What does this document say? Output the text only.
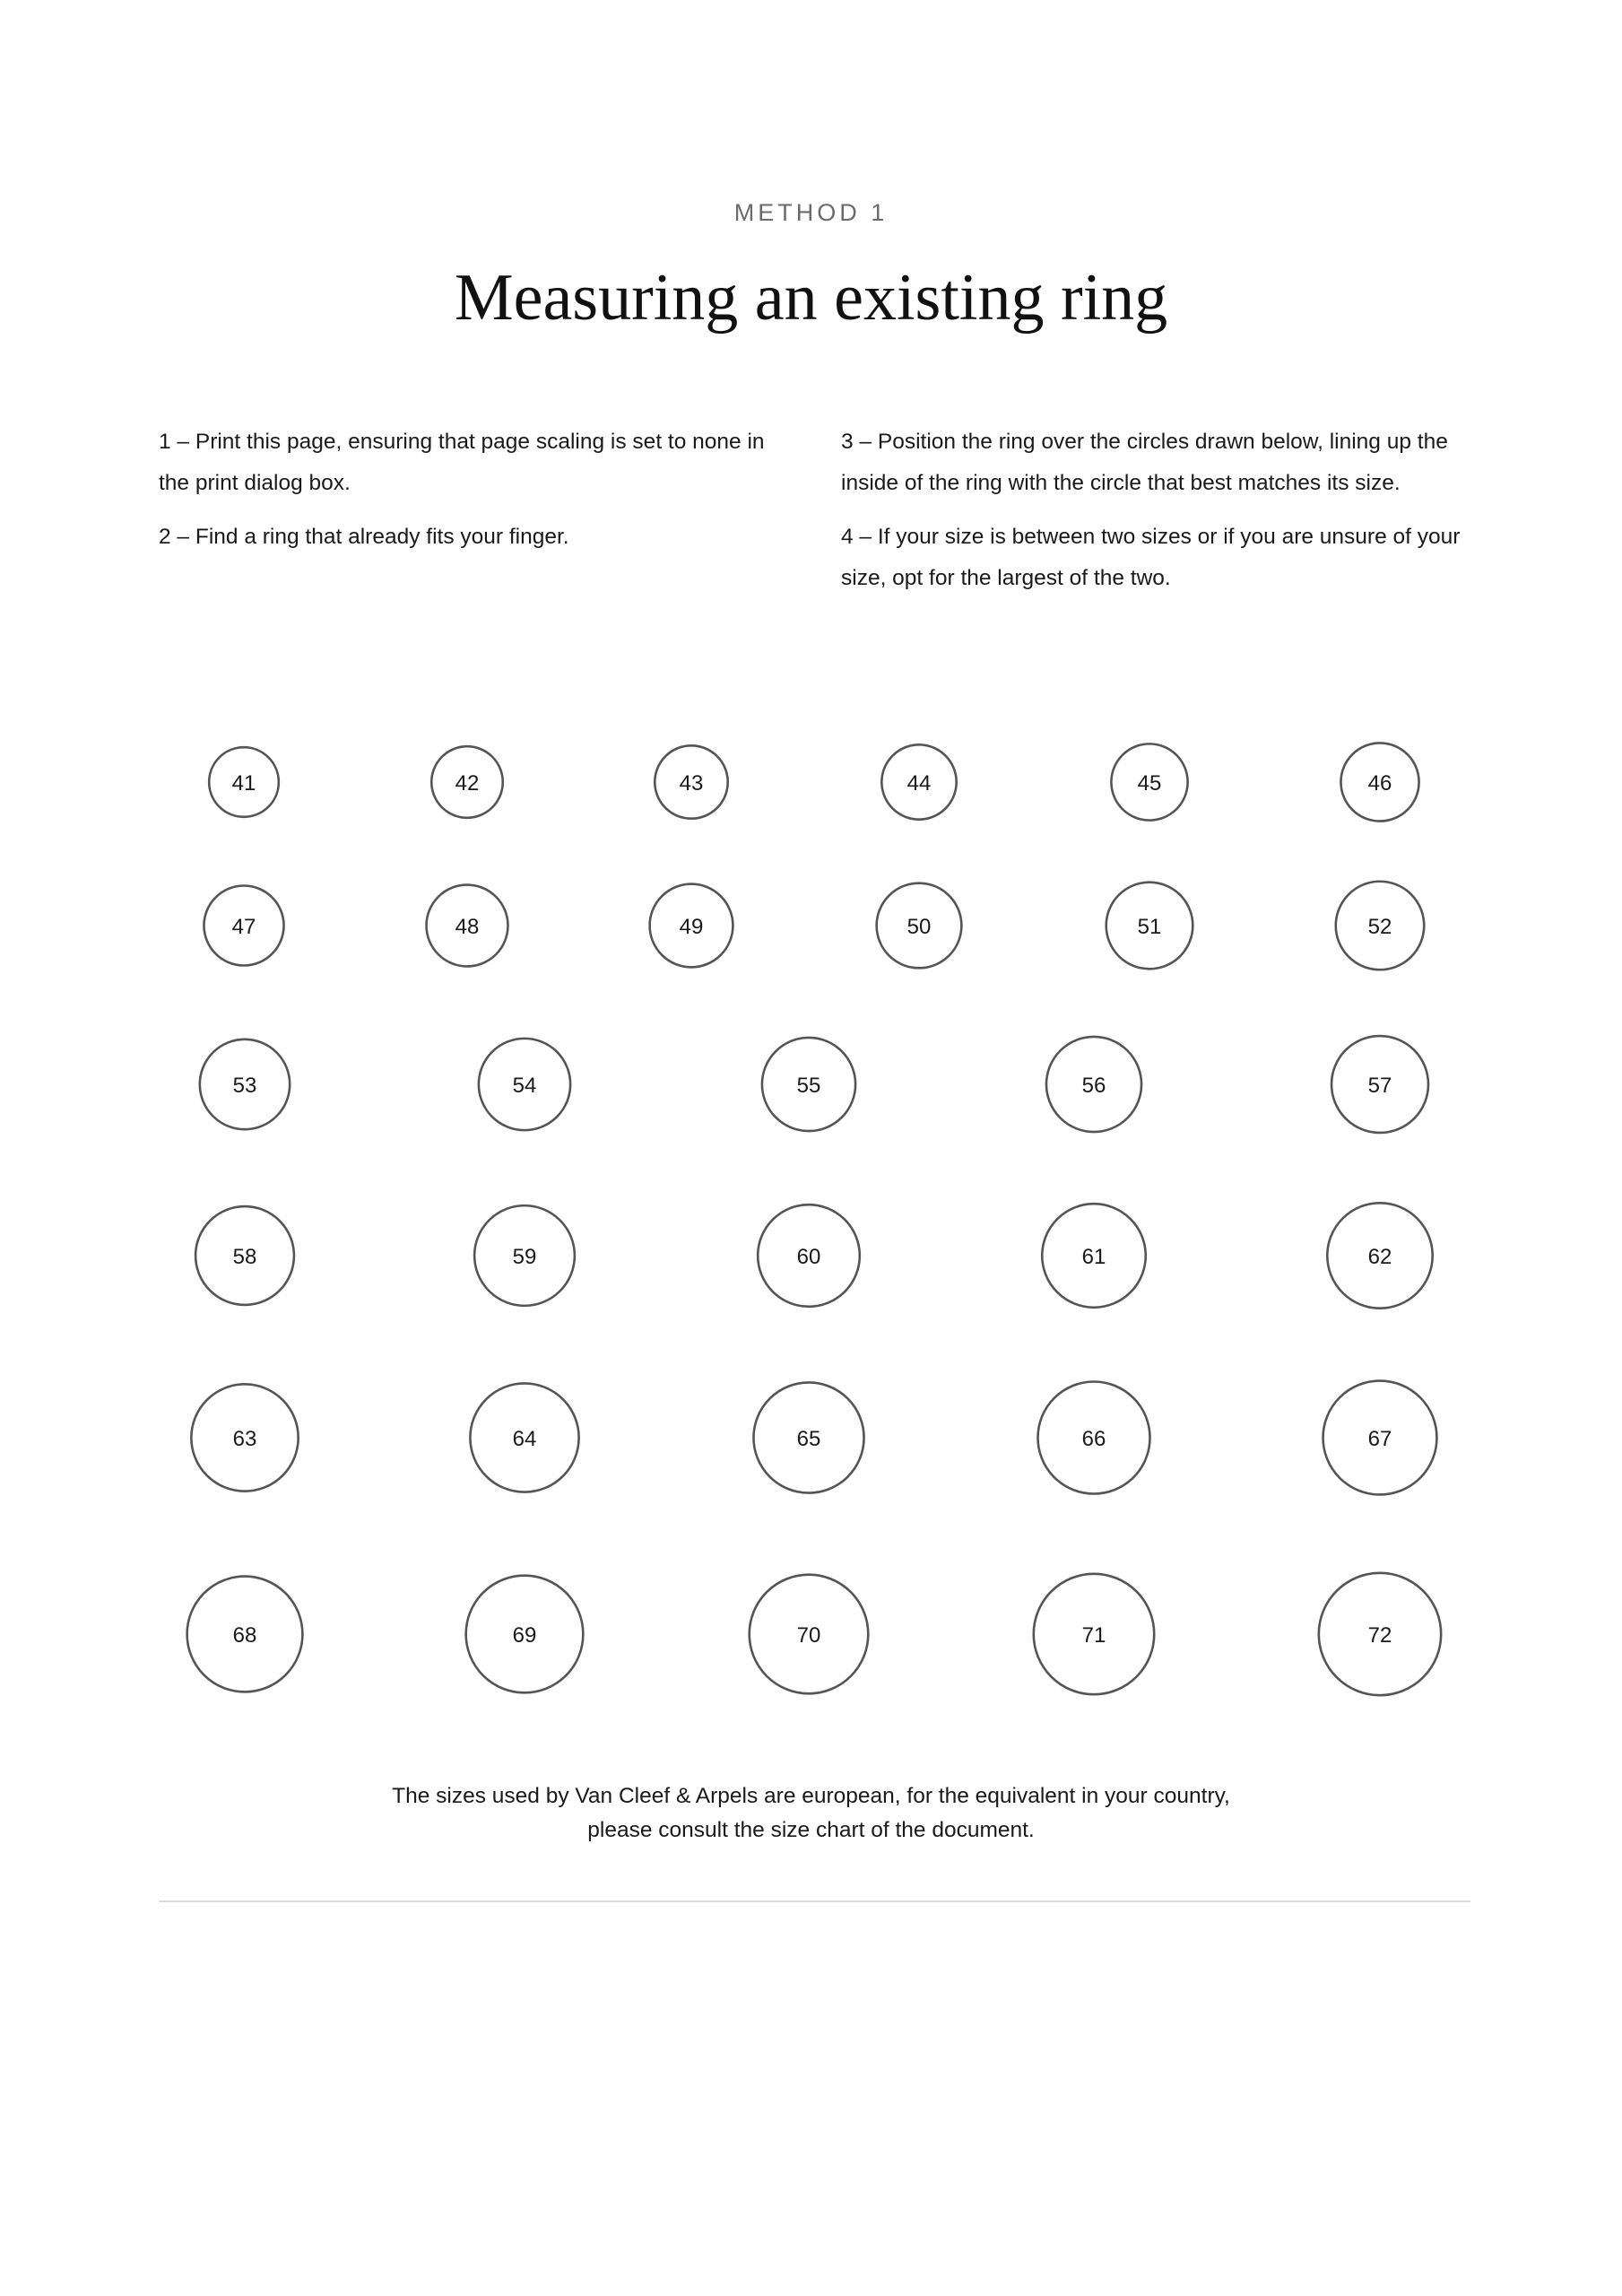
METHOD 1
Measuring an existing ring

1 – Print this page, ensuring that page scaling is set to none in the print dialog box.

2 – Find a ring that already fits your finger.

3 – Position the ring over the circles drawn below, lining up the inside of the ring with the circle that best matches its size.

4 – If your size is between two sizes or if you are unsure of your size, opt for the largest of the two.

41	42	43	44	45	46
47	48	49	50	51	52
53	54	55	56	57
58	59	60	61	62
63	64	65	66	67
68	69	70	71	72
The sizes used by Van Cleef & Arpels are european, for the equivalent in your country,
please consult the size chart of the document.
